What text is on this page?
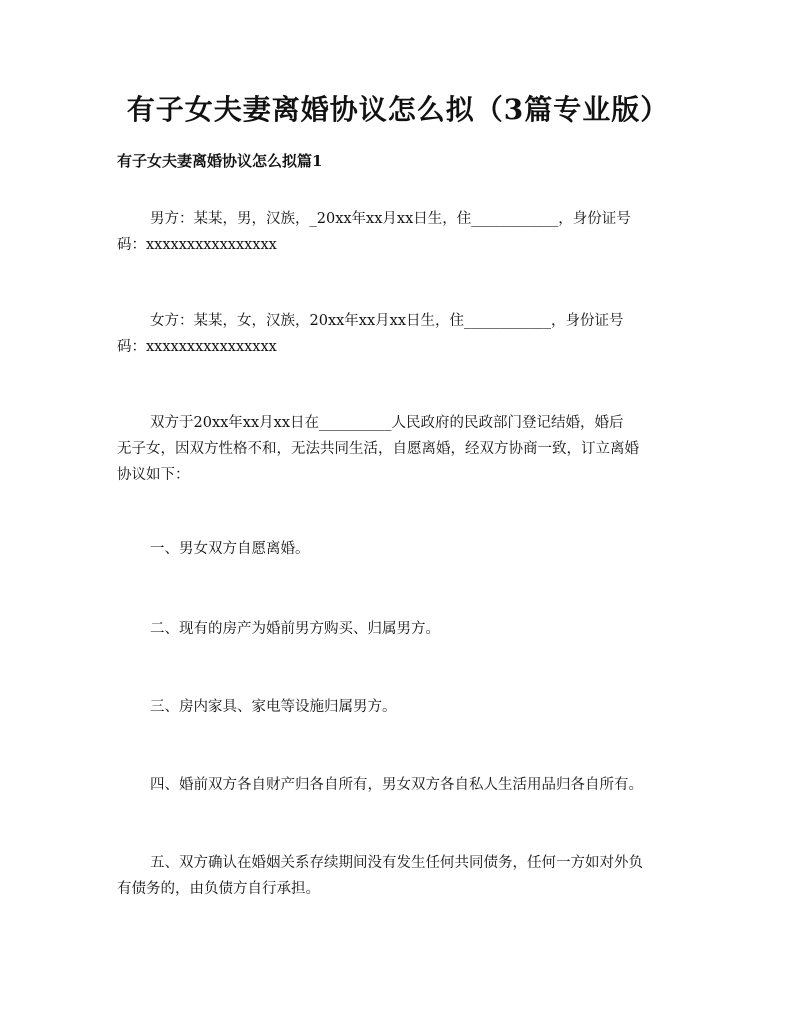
有子女夫妻离婚协议怎么拟（3篇专业版）
有子女夫妻离婚协议怎么拟篇1

男方：某某，男，汉族，_20xx年xx月xx日生，住____________，身份证号
码：xxxxxxxxxxxxxxxx

女方：某某，女，汉族，20xx年xx月xx日生，住____________，身份证号
码：xxxxxxxxxxxxxxxx

双方于20xx年xx月xx日在__________人民政府的民政部门登记结婚，婚后
无子女，因双方性格不和，无法共同生活，自愿离婚，经双方协商一致，订立离婚
协议如下：

一、男女双方自愿离婚。

二、现有的房产为婚前男方购买、归属男方。

三、房内家具、家电等设施归属男方。

四、婚前双方各自财产归各自所有，男女双方各自私人生活用品归各自所有。

五、双方确认在婚姻关系存续期间没有发生任何共同债务，任何一方如对外负
有债务的，由负债方自行承担。
